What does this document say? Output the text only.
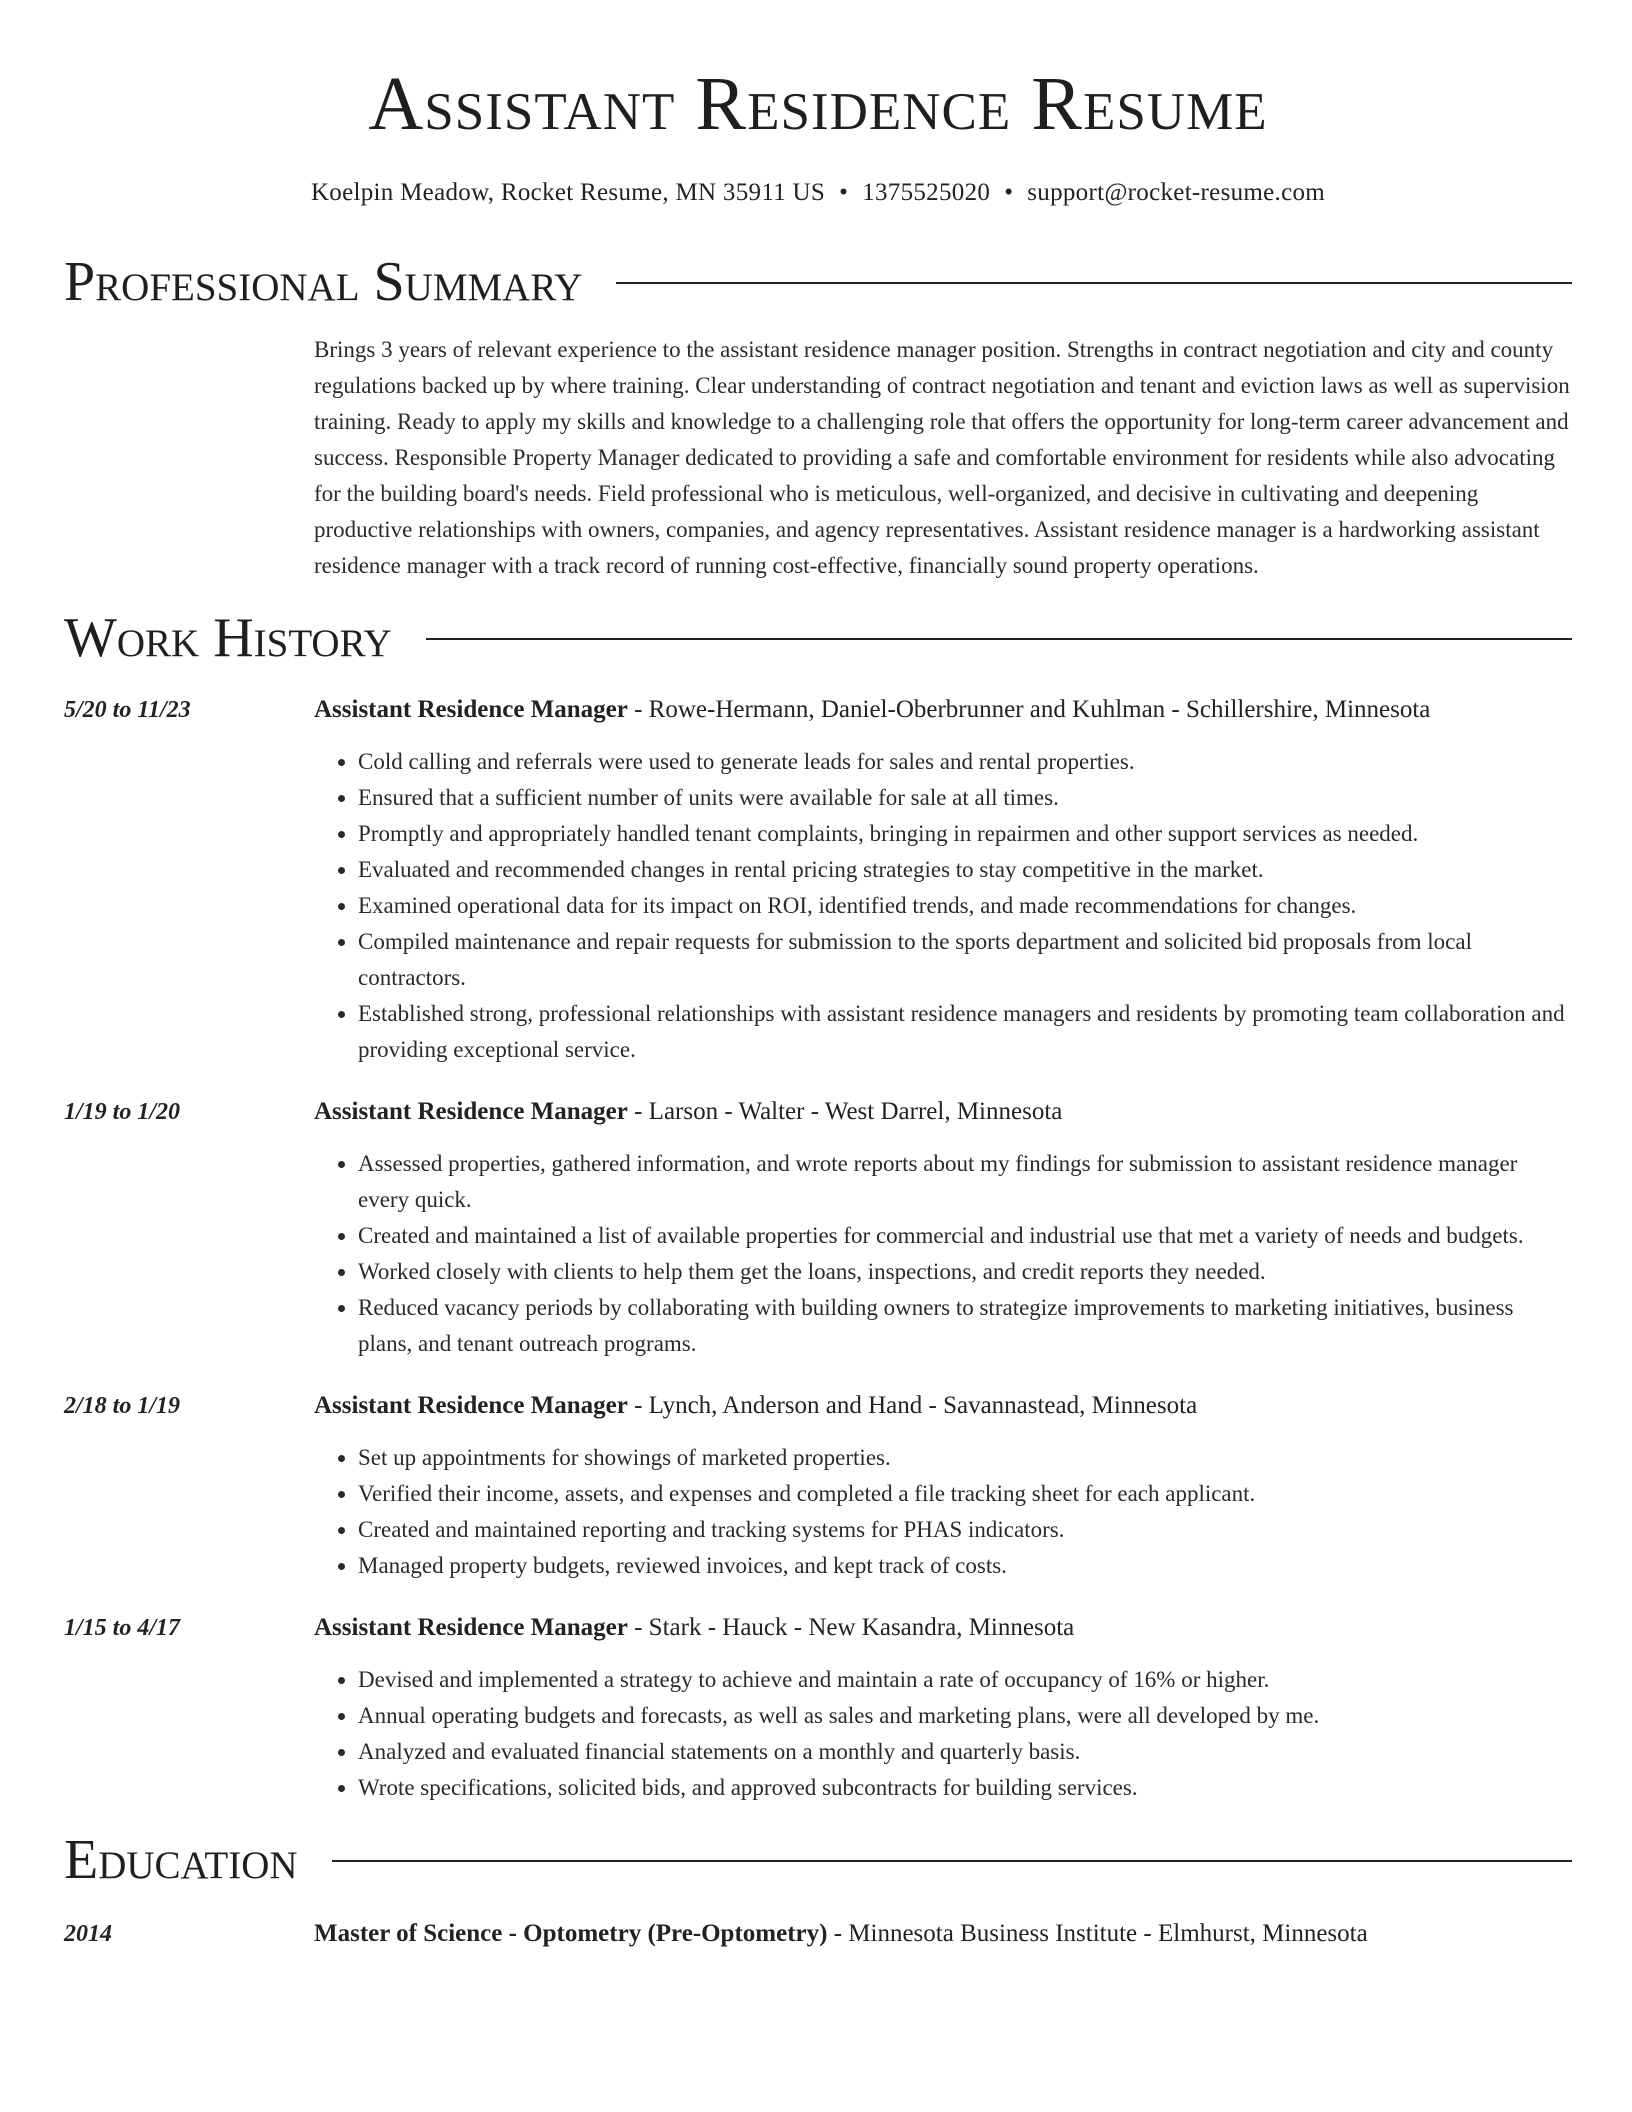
Assistant Residence Resume
Koelpin Meadow, Rocket Resume, MN 35911 US • 1375525020 • support@rocket-resume.com
Professional Summary
Brings 3 years of relevant experience to the assistant residence manager position. Strengths in contract negotiation and city and county regulations backed up by where training. Clear understanding of contract negotiation and tenant and eviction laws as well as supervision training. Ready to apply my skills and knowledge to a challenging role that offers the opportunity for long-term career advancement and success. Responsible Property Manager dedicated to providing a safe and comfortable environment for residents while also advocating for the building board's needs. Field professional who is meticulous, well-organized, and decisive in cultivating and deepening productive relationships with owners, companies, and agency representatives. Assistant residence manager is a hardworking assistant residence manager with a track record of running cost-effective, financially sound property operations.
Work History
5/20 to 11/23	Assistant Residence Manager - Rowe-Hermann, Daniel-Oberbrunner and Kuhlman - Schillershire, Minnesota
• Cold calling and referrals were used to generate leads for sales and rental properties.
• Ensured that a sufficient number of units were available for sale at all times.
• Promptly and appropriately handled tenant complaints, bringing in repairmen and other support services as needed.
• Evaluated and recommended changes in rental pricing strategies to stay competitive in the market.
• Examined operational data for its impact on ROI, identified trends, and made recommendations for changes.
• Compiled maintenance and repair requests for submission to the sports department and solicited bid proposals from local contractors.
• Established strong, professional relationships with assistant residence managers and residents by promoting team collaboration and providing exceptional service.
1/19 to 1/20	Assistant Residence Manager - Larson - Walter - West Darrel, Minnesota
• Assessed properties, gathered information, and wrote reports about my findings for submission to assistant residence manager every quick.
• Created and maintained a list of available properties for commercial and industrial use that met a variety of needs and budgets.
• Worked closely with clients to help them get the loans, inspections, and credit reports they needed.
• Reduced vacancy periods by collaborating with building owners to strategize improvements to marketing initiatives, business plans, and tenant outreach programs.
2/18 to 1/19	Assistant Residence Manager - Lynch, Anderson and Hand - Savannastead, Minnesota
• Set up appointments for showings of marketed properties.
• Verified their income, assets, and expenses and completed a file tracking sheet for each applicant.
• Created and maintained reporting and tracking systems for PHAS indicators.
• Managed property budgets, reviewed invoices, and kept track of costs.
1/15 to 4/17	Assistant Residence Manager - Stark - Hauck - New Kasandra, Minnesota
• Devised and implemented a strategy to achieve and maintain a rate of occupancy of 16% or higher.
• Annual operating budgets and forecasts, as well as sales and marketing plans, were all developed by me.
• Analyzed and evaluated financial statements on a monthly and quarterly basis.
• Wrote specifications, solicited bids, and approved subcontracts for building services.
Education
2014	Master of Science - Optometry (Pre-Optometry) - Minnesota Business Institute - Elmhurst, Minnesota
